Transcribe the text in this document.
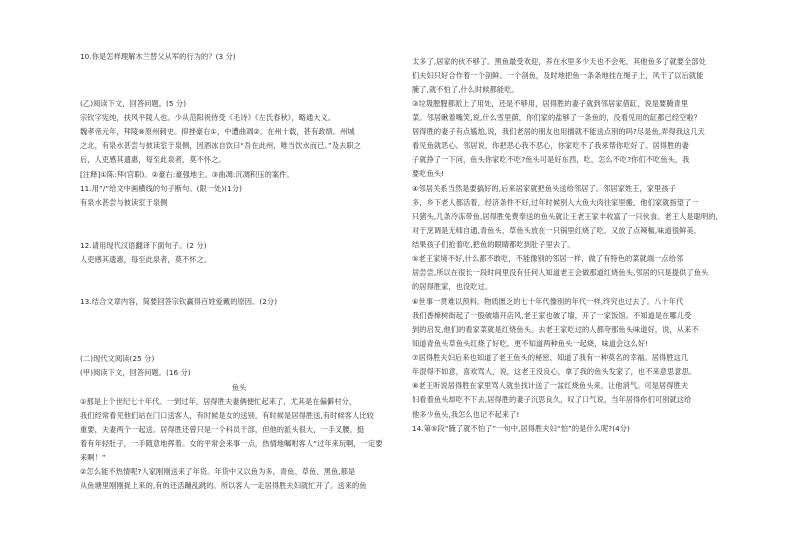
10.你是怎样理解木兰替父从军的行为的？(3 分)
(乙)阅读下文，回答问题。(5 分)
宗钦字宪纯，扶风平陵人也。少从范阳祝侍受《毛诗》《左氏春秋》，略通大义。
魏孝帝元年，拜陵⑧原州刺史。抑挫豪右①，中遭曲凋②。在州十载，甚有政绩。州城
之北，有泉水甚尝与彼读室于泉侧，因酒冰自饮曰“吾在此州，唯当饮水而已。”及去职之
后，人吏感其遗惠，每至此泉者，莫不怀之。
[注释]①陈:拜(官职)。②豪右:豪强地主。③曲凋:沉凋积压的案件。
11.用“/”给文中画横线的句子断句。(限一处)(1分)
有泉水甚尝与彼读室于泉侧
12.请用现代汉语翻译下面句子。(2 分)
人吏感其遗惠，每至此泉者，莫不怀之。
13.结合文章内容，简要回答宗钦赢得百姓爱戴的原因。(2分)
(二)现代文阅读(25 分)
(甲)阅读下文，回答问题。(16 分)
鱼头
①那是上个世纪七十年代。一到过年，居得胜夫妻俩便忙起来了，尤其是在偏僻村分，
我们经常看见他们站在门口送客人，有时候是女的送别，有时候是居得胜送,有时候客人比较
重要，夫妻两个一起送。居得胜还曾只是一个科员干部，但他的派头很大，一手叉腰，挺
着有年轻肚子，一手随意地挥着。女的平常会来事一点，热情地嘱咐客人“过年来玩啊，一定要
来啊！”
②怎么能不热情呢?人家刚刚送来了年货。年货中又以鱼为多，青鱼、草鱼、黑鱼,都是
从鱼塘里刚刚捉上来的,有的还活蹦乱跳的。所以客人一走居得胜夫妇就忙开了。送来的鱼
太多了,居家的伙不够了。黑鱼最受欢迎，养在水里多少天也不会死，其他鱼多了就要全部处
们夫妇只好合作着一个剖鲜、一个剖鱼，及时地把鱼一条条地挂在绳子上，风干了以后就能
腌了,就不怕了,什么时候都能吃。
③垃圾膛腥都派上了用处，还是不够用，居得胜的妻子就到邻居家借缸，说是要腌青里
菜。邻居瞅着嘴笑,说,什么雪里蕻，你们家的盐够了一条鱼的，没看见用的缸都已经空啦？
居得胜的妻子有点尴尬,说，我们老居的朋友也用擅就不能送点别的吗?尽是鱼,弄得我这几天
看见鱼就恶心。邻居说，你把恶心我不恶心，你家吃不了我来帮你吃好了。居得胜的妻
子就挣了一下问，鱼头你家吃不吃?鱼头可是好东西，吃，怎么不吃?你们不吃鱼头，我
要吃鱼头!
④邻居关系当然是要搞好的,后来居家就把鱼头送给邻居了。邻居家姓王，家里孩子
多，乡下老人都活着，经济条件不好,过年时候别人大鱼大肉往家里搬，他们家就指望了一
只猪头,几条冷冻带鱼,居得胜免费奉送的鱼头就让王老王家丰收富了一只伙食。老王人是聪明的,
对于烹调是无师自通,青鱼头、草鱼头放在一只锅里红烧了吃，又放了点辣椒,味道很鲜美,
结果孩子们抢着吃,把鱼的眼睛都吃到肚子里去了。
⑤老王家境不好,什么都不敢吃，不能像别的邻居一样，做了有特色的菜就端一点给邻
居尝尝,所以在很长一段时间里没有任何人知道老王会做那道红烧鱼头,邻居的只是提供了鱼头
的居得胜家，也没吃过。
⑥世事一贯难以预料。物质匮乏的七十年代像别的年代一样,终究也过去了。八十年代
我们香樟树街起了一股破墙开店风,老王家也破了墙，开了一家饭馆。不知道是在哪儿受
到的启发,他们的看家菜就是红烧鱼头。去老王家吃过的人都夸那鱼头味道好，说，从来不
知道青鱼头草鱼头红烧了好吃，更不知道两种鱼头一起烧，味道会这么好!
⑦居得胜夫妇后来也知道了老王鱼头的秘密，知道了我有一种莫名的幸福。居得胜这几
年混得不如意，喜欢骂人，说，这老王没良心，拿了我的鱼头发家了，也不来意思意思。
⑧老王听说居得胜在家里骂人就坐找计送了一盆红烧鱼头来，让他消气。可是居得胜夫
妇看着鱼头却吃不下去,居得胜的妻子沉思良久，叹了口气说，当年居得你们可别就这给
他多少鱼头,我怎么也记不起来了!
14.第⑤段“腌了就不怕了”一句中,居得胜夫妇“怕”的是什么呢?(4分)
